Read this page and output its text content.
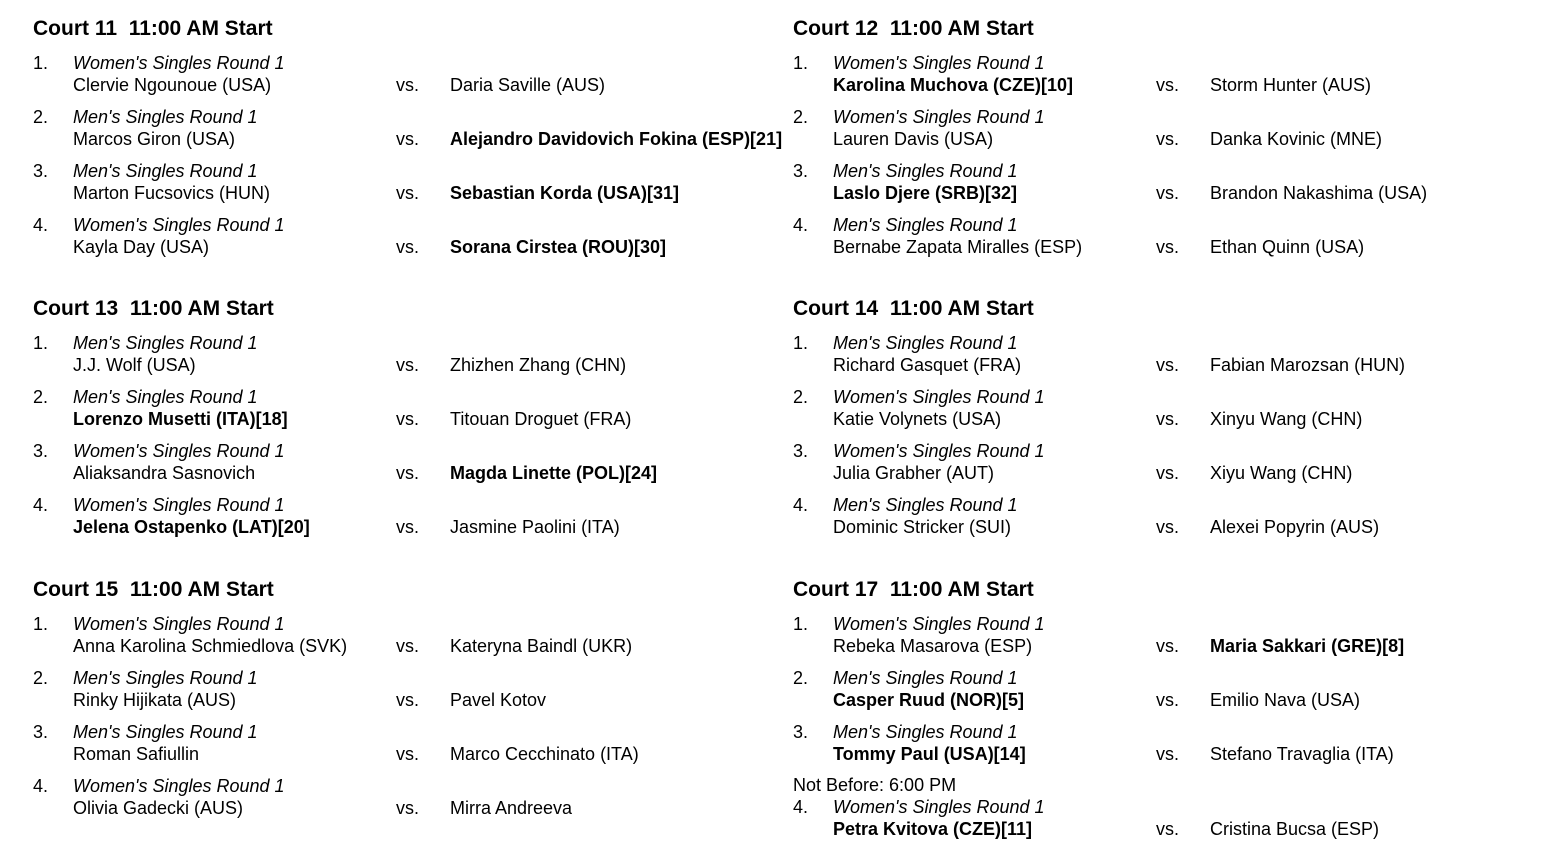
Court 11  11:00 AM Start
1. Women's Singles Round 1
Clervie Ngounoue (USA)	vs. Daria Saville (AUS)
2. Men's Singles Round 1
Marcos Giron (USA)	vs. Alejandro Davidovich Fokina (ESP)[21]
3. Men's Singles Round 1
Marton Fucsovics (HUN)	vs. Sebastian Korda (USA)[31]
4. Women's Singles Round 1
Kayla Day (USA)	vs. Sorana Cirstea (ROU)[30]
Court 12  11:00 AM Start
1. Women's Singles Round 1
Karolina Muchova (CZE)[10]	vs. Storm Hunter (AUS)
2. Women's Singles Round 1
Lauren Davis (USA)	vs. Danka Kovinic (MNE)
3. Men's Singles Round 1
Laslo Djere (SRB)[32]	vs. Brandon Nakashima (USA)
4. Men's Singles Round 1
Bernabe Zapata Miralles (ESP)	vs. Ethan Quinn (USA)
Court 13  11:00 AM Start
1. Men's Singles Round 1
J.J. Wolf (USA)	vs. Zhizhen Zhang (CHN)
2. Men's Singles Round 1
Lorenzo Musetti (ITA)[18]	vs. Titouan Droguet (FRA)
3. Women's Singles Round 1
Aliaksandra Sasnovich	vs. Magda Linette (POL)[24]
4. Women's Singles Round 1
Jelena Ostapenko (LAT)[20]	vs. Jasmine Paolini (ITA)
Court 14  11:00 AM Start
1. Men's Singles Round 1
Richard Gasquet (FRA)	vs. Fabian Marozsan (HUN)
2. Women's Singles Round 1
Katie Volynets (USA)	vs. Xinyu Wang (CHN)
3. Women's Singles Round 1
Julia Grabher (AUT)	vs. Xiyu Wang (CHN)
4. Men's Singles Round 1
Dominic Stricker (SUI)	vs. Alexei Popyrin (AUS)
Court 15  11:00 AM Start
1. Women's Singles Round 1
Anna Karolina Schmiedlova (SVK)	vs. Kateryna Baindl (UKR)
2. Men's Singles Round 1
Rinky Hijikata (AUS)	vs. Pavel Kotov
3. Men's Singles Round 1
Roman Safiullin	vs. Marco Cecchinato (ITA)
4. Women's Singles Round 1
Olivia Gadecki (AUS)	vs. Mirra Andreeva
Court 17  11:00 AM Start
1. Women's Singles Round 1
Rebeka Masarova (ESP)	vs. Maria Sakkari (GRE)[8]
2. Men's Singles Round 1
Casper Ruud (NOR)[5]	vs. Emilio Nava (USA)
3. Men's Singles Round 1
Tommy Paul (USA)[14]	vs. Stefano Travaglia (ITA)
Not Before: 6:00 PM
4. Women's Singles Round 1
Petra Kvitova (CZE)[11]	vs. Cristina Bucsa (ESP)
